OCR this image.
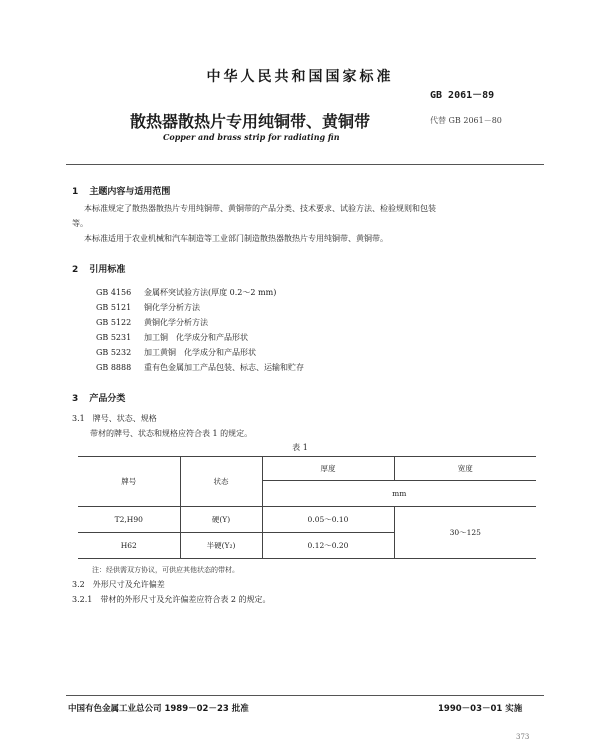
中华人民共和国国家标准
GB 2061－89
散热器散热片专用纯铜带、黄铜带	代替 GB 2061－80
Copper and brass strip for radiating fin
1 主题内容与适用范围
本标准规定了散热器散热片专用纯铜带、黄铜带的产品分类、技术要求、试验方法、检验规则和包装
等。
本标准适用于农业机械和汽车制造等工业部门制造散热器散热片专用纯铜带、黄铜带。
2 引用标准
GB 4156 金属杯突试验方法(厚度 0.2～2 mm)
GB 5121 铜化学分析方法
GB 5122 黄铜化学分析方法
GB 5231 加工铜　化学成分和产品形状
GB 5232 加工黄铜　化学成分和产品形状
GB 8888 重有色金属加工产品包装、标志、运输和贮存
3 产品分类
3.1 牌号、状态、规格
带材的牌号、状态和规格应符合表 1 的规定。
表 1
牌号	状态	厚度	宽度
		mm	
T2,H90	硬(Y)	0.05～0.10	30～125
H62	半硬(Y₂)	0.12～0.20	
注：经供需双方协议，可供应其他状态的带材。
3.2　外形尺寸及允许偏差
3.2.1　带材的外形尺寸及允许偏差应符合表 2 的规定。
中国有色金属工业总公司 1989－02－23 批准	1990－03－01 实施
373
